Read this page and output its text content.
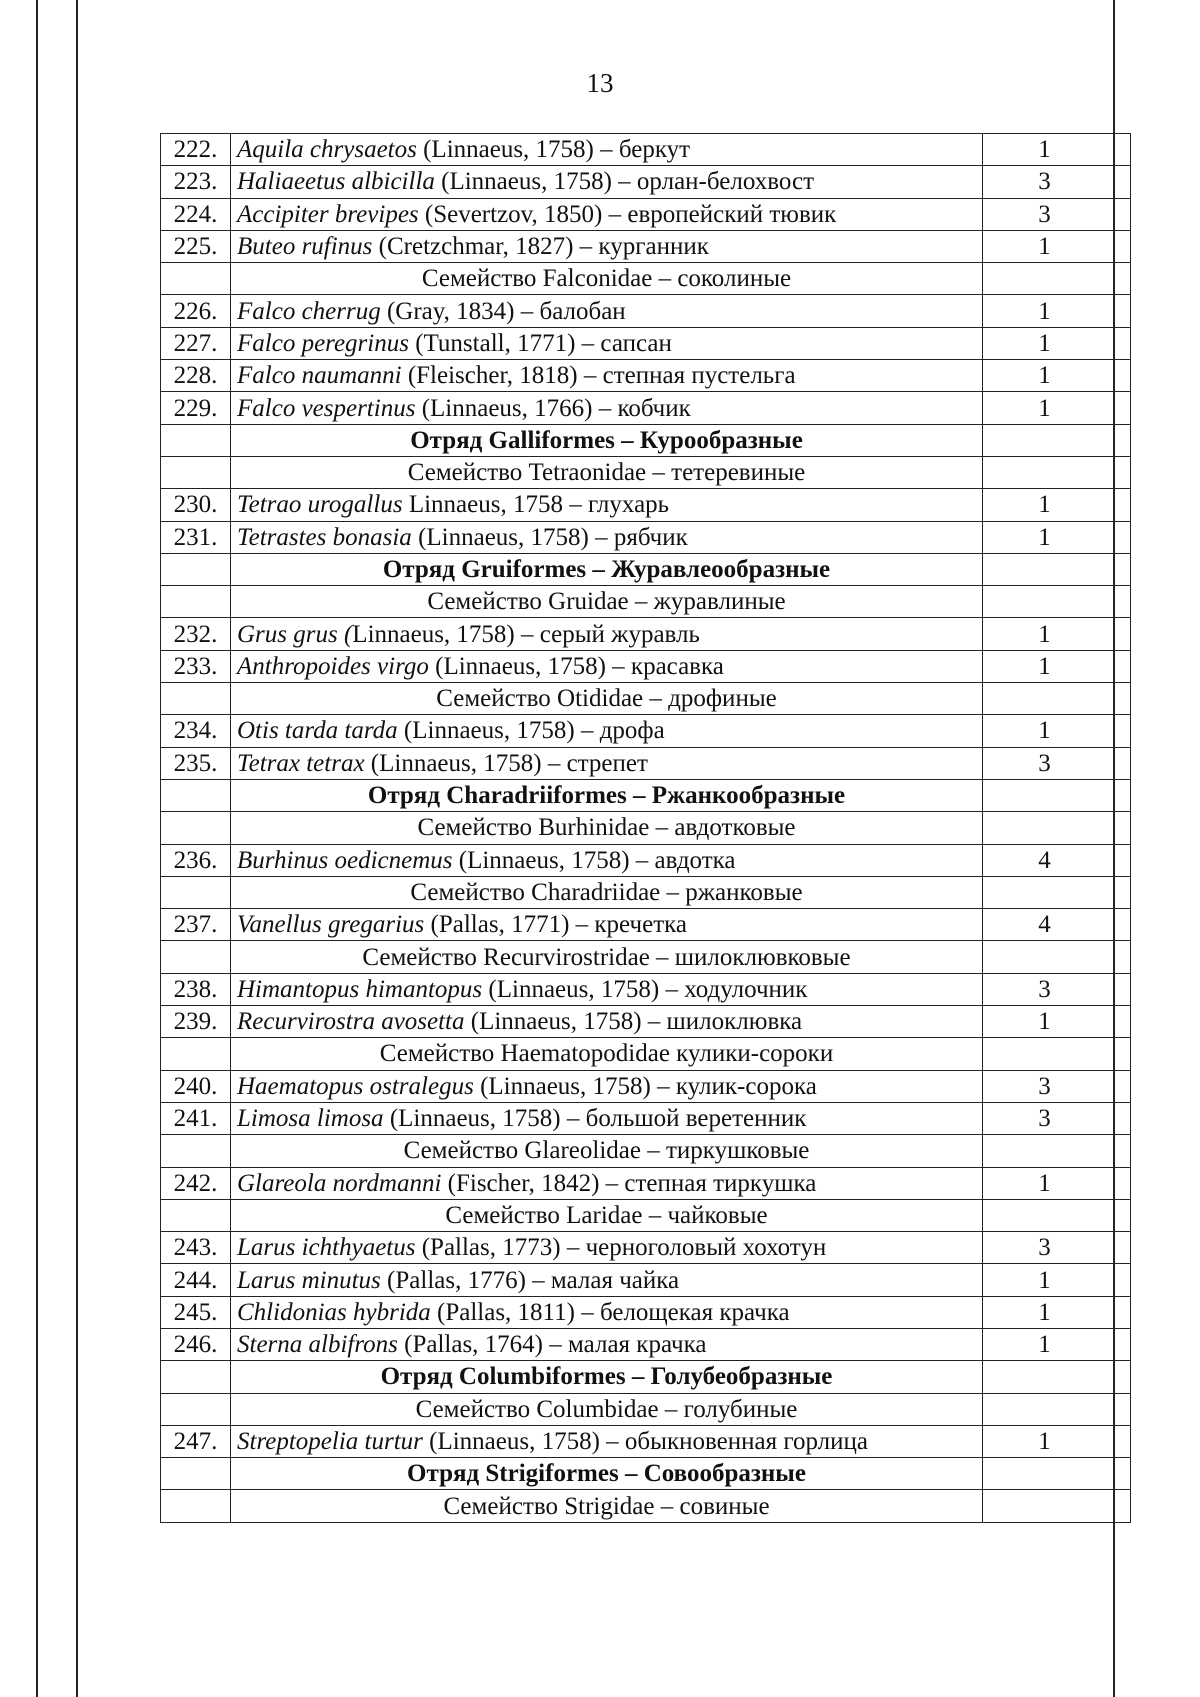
13
222.	Aquila chrysaetos (Linnaeus, 1758) – беркут	1
223.	Haliaeetus albicilla (Linnaeus, 1758) – орлан-белохвост	3
224.	Accipiter brevipes (Severtzov, 1850) – европейский тювик	3
225.	Buteo rufinus (Cretzchmar, 1827) – курганник	1
	Семейство Falconidae – соколиные	
226.	Falco cherrug (Gray, 1834) – балобан	1
227.	Falco peregrinus (Tunstall, 1771) – сапсан	1
228.	Falco naumanni (Fleischer, 1818) – степная пустельга	1
229.	Falco vespertinus (Linnaeus, 1766) – кобчик	1
	Отряд Galliformes – Курообразные	
	Семейство Tetraonidae – тетеревиные	
230.	Tetrao urogallus Linnaeus, 1758 – глухарь	1
231.	Tetrastes bonasia (Linnaeus, 1758) – рябчик	1
	Отряд Gruiformes – Журавлеообразные	
	Семейство Gruidae – журавлиные	
232.	Grus grus (Linnaeus, 1758) – серый журавль	1
233.	Anthropoides virgo (Linnaeus, 1758) – красавка	1
	Семейство Otididae – дрофиные	
234.	Otis tarda tarda (Linnaeus, 1758) – дрофа	1
235.	Tetrax tetrax (Linnaeus, 1758) – стрепет	3
	Отряд Charadriiformes – Ржанкообразные	
	Семейство Burhinidae – авдотковые	
236.	Burhinus oedicnemus (Linnaeus, 1758) – авдотка	4
	Семейство Charadriidae – ржанковые	
237.	Vanellus gregarius (Pallas, 1771) – кречетка	4
	Семейство Recurvirostridae – шилоклювковые	
238.	Himantopus himantopus (Linnaeus, 1758) – ходулочник	3
239.	Recurvirostra avosetta (Linnaeus, 1758) – шилоклювка	1
	Семейство Haematopodidae кулики-сороки	
240.	Haematopus ostralegus (Linnaeus, 1758) – кулик-сорока	3
241.	Limosa limosa (Linnaeus, 1758) – большой веретенник	3
	Семейство Glareolidae – тиркушковые	
242.	Glareola nordmanni (Fischer, 1842) – степная тиркушка	1
	Семейство Laridae – чайковые	
243.	Larus ichthyaetus (Pallas, 1773) – черноголовый хохотун	3
244.	Larus minutus (Pallas, 1776) – малая чайка	1
245.	Chlidonias hybrida (Pallas, 1811) – белощекая крачка	1
246.	Sterna albifrons (Pallas, 1764) – малая крачка	1
	Отряд Columbiformes – Голубеобразные	
	Семейство Columbidae – голубиные	
247.	Streptopelia turtur (Linnaeus, 1758) – обыкновенная горлица	1
	Отряд Strigiformes – Совообразные	
	Семейство Strigidae – совиные	
